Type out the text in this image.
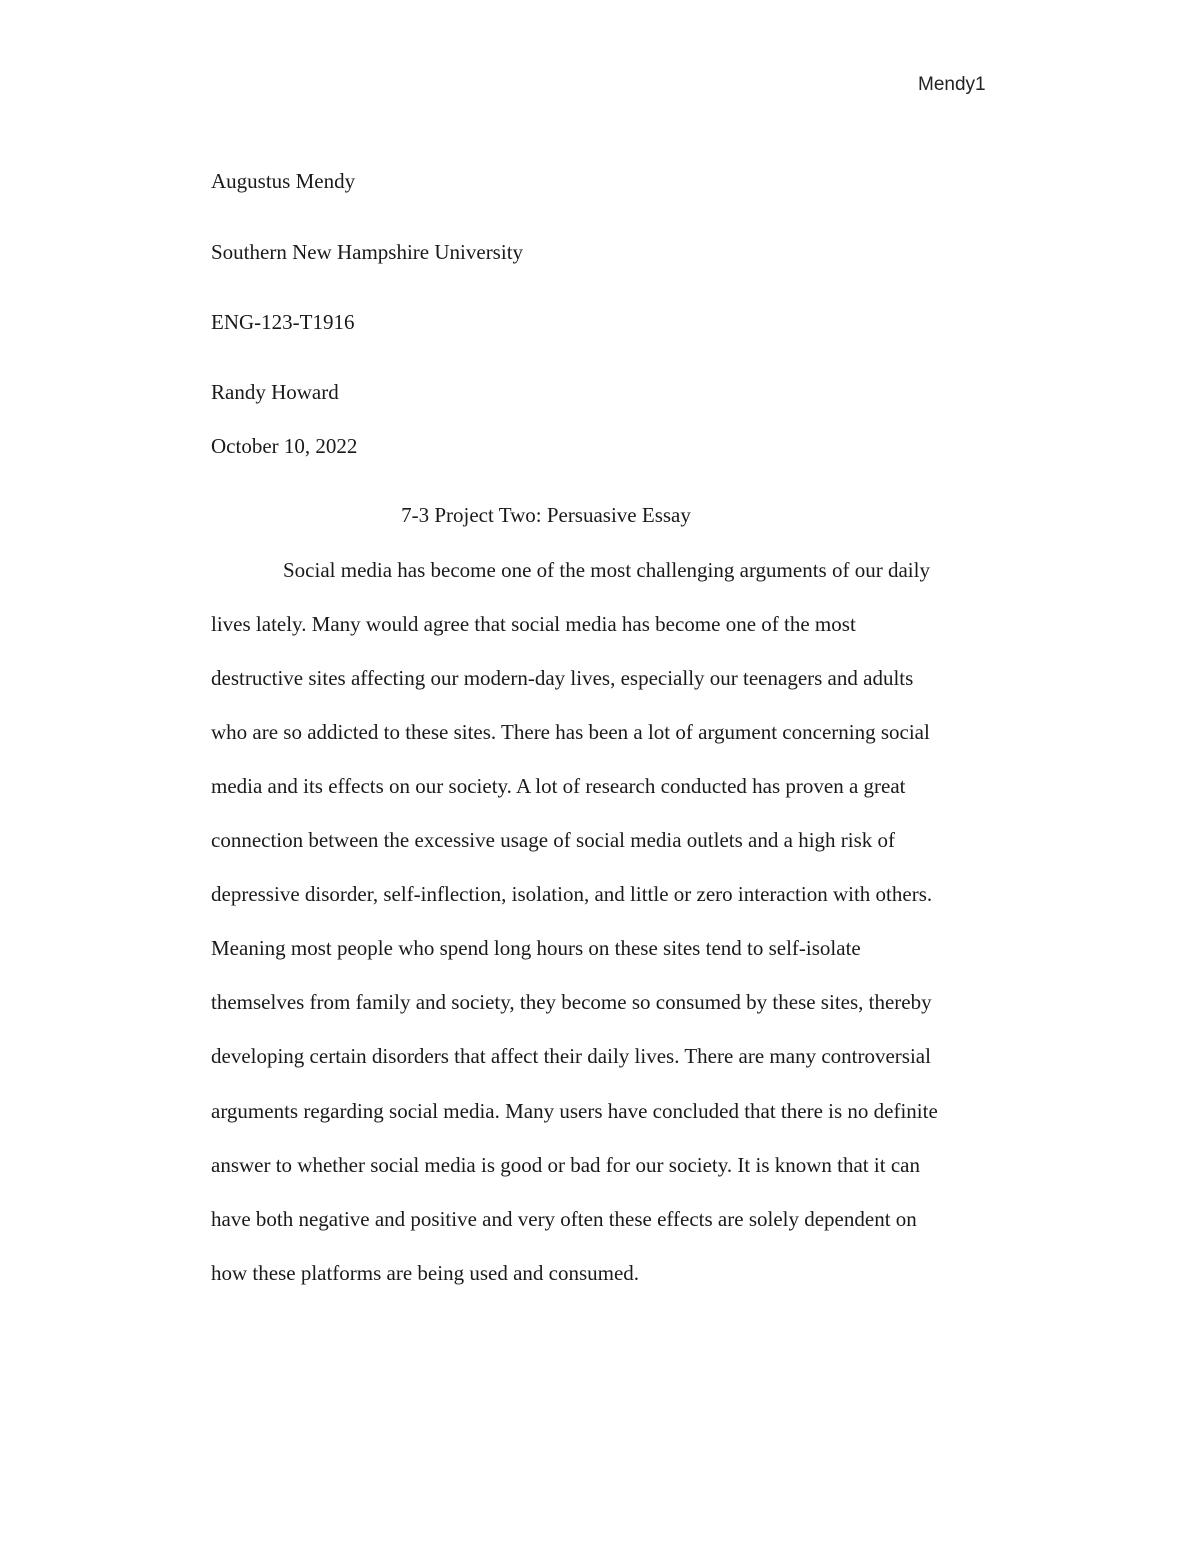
Mendy1
Augustus Mendy
Southern New Hampshire University
ENG-123-T1916
Randy Howard
October 10, 2022
7-3 Project Two: Persuasive Essay
Social media has become one of the most challenging arguments of our daily
lives lately. Many would agree that social media has become one of the most
destructive sites affecting our modern-day lives, especially our teenagers and adults
who are so addicted to these sites. There has been a lot of argument concerning social
media and its effects on our society. A lot of research conducted has proven a great
connection between the excessive usage of social media outlets and a high risk of
depressive disorder, self-inflection, isolation, and little or zero interaction with others.
Meaning most people who spend long hours on these sites tend to self-isolate
themselves from family and society, they become so consumed by these sites, thereby
developing certain disorders that affect their daily lives. There are many controversial
arguments regarding social media. Many users have concluded that there is no definite
answer to whether social media is good or bad for our society. It is known that it can
have both negative and positive and very often these effects are solely dependent on
how these platforms are being used and consumed.
